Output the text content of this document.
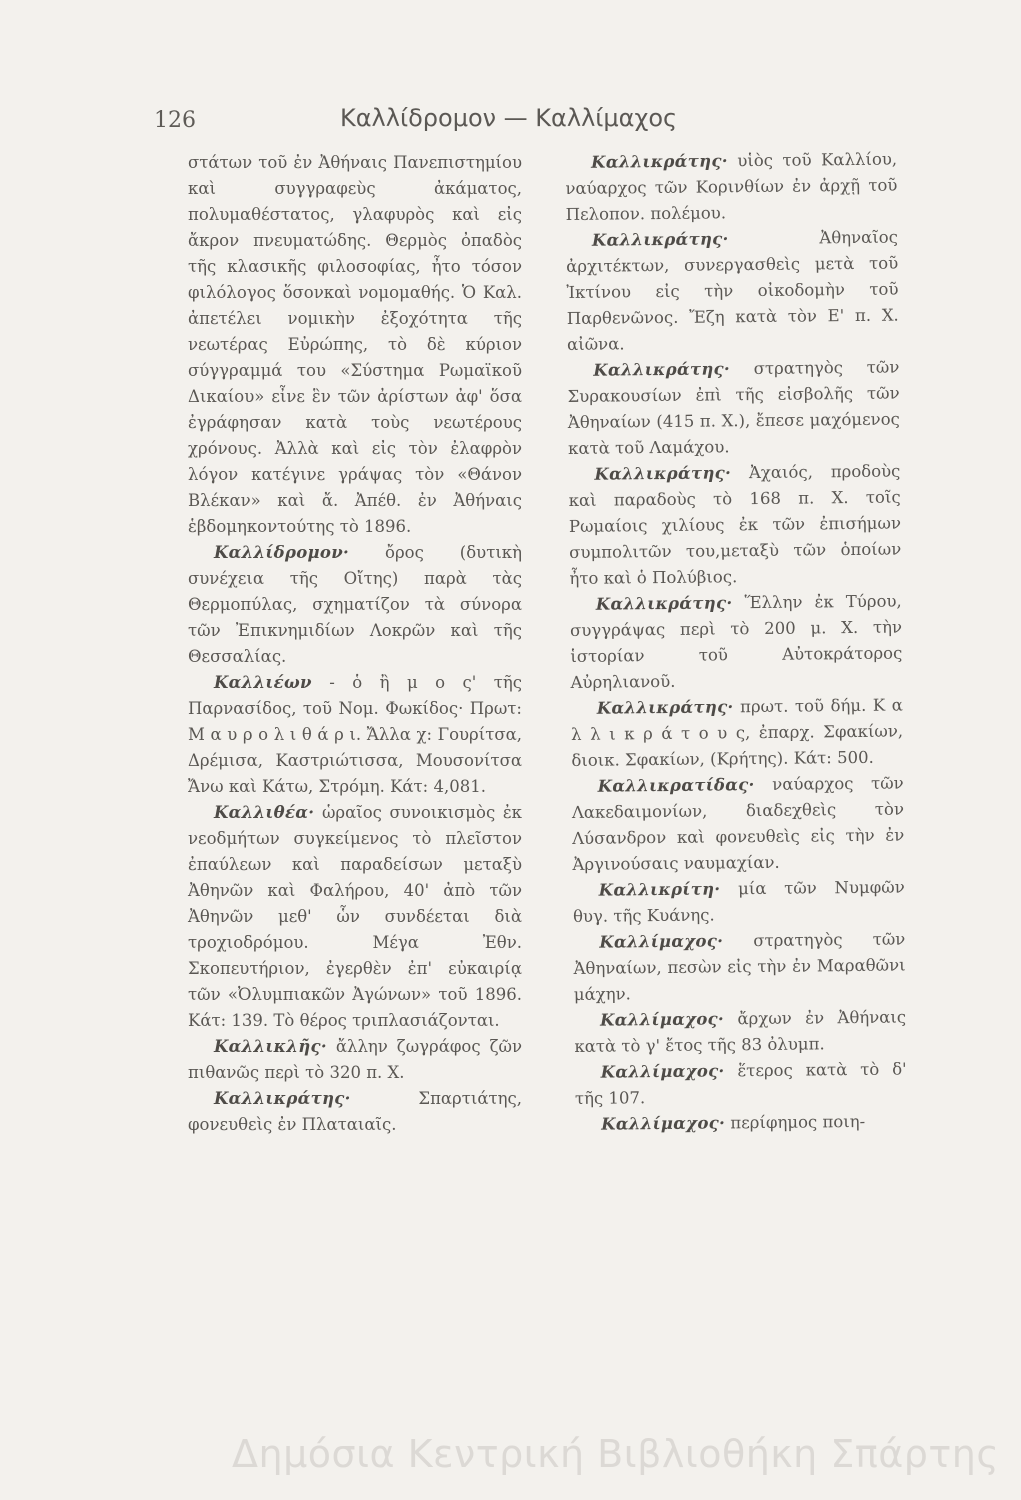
126	Καλλίδρομον — Καλλίμαχος

στάτων τοῦ ἐν Ἀθήναις Πανεπιστημίου καὶ συγγραφεὺς ἀκάματος, πολυμαθέστατος, γλαφυρὸς καὶ εἰς ἄκρον πνευματώδης. Θερμὸς ὀπαδὸς τῆς κλασικῆς φιλοσοφίας, ἦτο τόσον φιλόλογος ὅσονκαὶ νομομαθής. Ὁ Καλ. ἀπετέλει νομικὴν ἐξοχότητα τῆς νεωτέρας Εὐρώπης, τὸ δὲ κύριον σύγγραμμά του «Σύστημα Ρωμαϊκοῦ Δικαίου» εἶνε ἓν τῶν ἀρίστων ἀφ' ὅσα ἐγράφησαν κατὰ τοὺς νεωτέρους χρόνους. Ἀλλὰ καὶ εἰς τὸν ἐλαφρὸν λόγον κατέγινε γράψας τὸν «Θάνον Βλέκαν» καὶ ἄ. Ἀπέθ. ἐν Ἀθήναις ἑβδομηκοντούτης τὸ 1896.

Καλλίδρομον· ὄρος (δυτικὴ συνέχεια τῆς Οἴτης) παρὰ τὰς Θερμοπύλας, σχηματίζον τὰ σύνορα τῶν Ἐπικνημιδίων Λοκρῶν καὶ τῆς Θεσσαλίας.

Καλλιέων - ὁ ἢ μ ο ς' τῆς Παρνασίδος, τοῦ Νομ. Φωκίδος· Πρωτ: Μ α υ ρ ο λ ι θ ά ρ ι. Ἄλλα χ: Γουρίτσα, Δρέμισα, Καστριώτισσα, Μουσονίτσα Ἄνω καὶ Κάτω, Στρόμη. Κάτ: 4,081.

Καλλιθέα· ὡραῖος συνοικισμὸς ἐκ νεοδμήτων συγκείμενος τὸ πλεῖστον ἐπαύλεων καὶ παραδείσων μεταξὺ Ἀθηνῶν καὶ Φαλήρου, 40' ἀπὸ τῶν Ἀθηνῶν μεθ' ὧν συνδέεται διὰ τροχιοδρόμου. Μέγα Ἐθν. Σκοπευτήριον, ἐγερθὲν ἐπ' εὐκαιρίᾳ τῶν «Ὀλυμπιακῶν Ἀγώνων» τοῦ 1896. Κάτ: 139. Τὸ θέρος τριπλασιάζονται.

Καλλικλῆς· ἄλλην ζωγράφος ζῶν πιθανῶς περὶ τὸ 320 π. Χ.

Καλλικράτης· Σπαρτιάτης, φονευθεὶς ἐν Πλαταιαῖς.

Καλλικράτης· υἱὸς τοῦ Καλλίου, ναύαρχος τῶν Κορινθίων ἐν ἀρχῇ τοῦ Πελοπον. πολέμου.

Καλλικράτης· Ἀθηναῖος ἀρχιτέκτων, συνεργασθεὶς μετὰ τοῦ Ἰκτίνου εἰς τὴν οἰκοδομὴν τοῦ Παρθενῶνος. Ἔζη κατὰ τὸν Ε' π. Χ. αἰῶνα.

Καλλικράτης· στρατηγὸς τῶν Συρακουσίων ἐπὶ τῆς εἰσβολῆς τῶν Ἀθηναίων (415 π. Χ.), ἔπεσε μαχόμενος κατὰ τοῦ Λαμάχου.

Καλλικράτης· Ἀχαιός, προδοὺς καὶ παραδοὺς τὸ 168 π. Χ. τοῖς Ρωμαίοις χιλίους ἐκ τῶν ἐπισήμων συμπολιτῶν του,μεταξὺ τῶν ὁποίων ἦτο καὶ ὁ Πολύβιος.

Καλλικράτης· Ἕλλην ἐκ Τύρου, συγγράψας περὶ τὸ 200 μ. Χ. τὴν ἱστορίαν τοῦ Αὐτοκράτορος Αὐρηλιανοῦ.

Καλλικράτης· πρωτ. τοῦ δήμ. Κ α λ λ ι κ ρ ά τ ο υ ς, ἐπαρχ. Σφακίων, διοικ. Σφακίων, (Κρήτης). Κάτ: 500.

Καλλικρατίδας· ναύαρχος τῶν Λακεδαιμονίων, διαδεχθεὶς τὸν Λύσανδρον καὶ φονευθεὶς εἰς τὴν ἐν Ἀργινούσαις ναυμαχίαν.

Καλλικρίτη· μία τῶν Νυμφῶν θυγ. τῆς Κυάνης.

Καλλίμαχος· στρατηγὸς τῶν Ἀθηναίων, πεσὼν εἰς τὴν ἐν Μαραθῶνι μάχην.

Καλλίμαχος· ἄρχων ἐν Ἀθήναις κατὰ τὸ γ' ἔτος τῆς 83 ὀλυμπ.

Καλλίμαχος· ἕτερος κατὰ τὸ δ' τῆς 107.

Καλλίμαχος· περίφημος ποιη-

Δημόσια Κεντρική Βιβλιοθήκη Σπάρτης
